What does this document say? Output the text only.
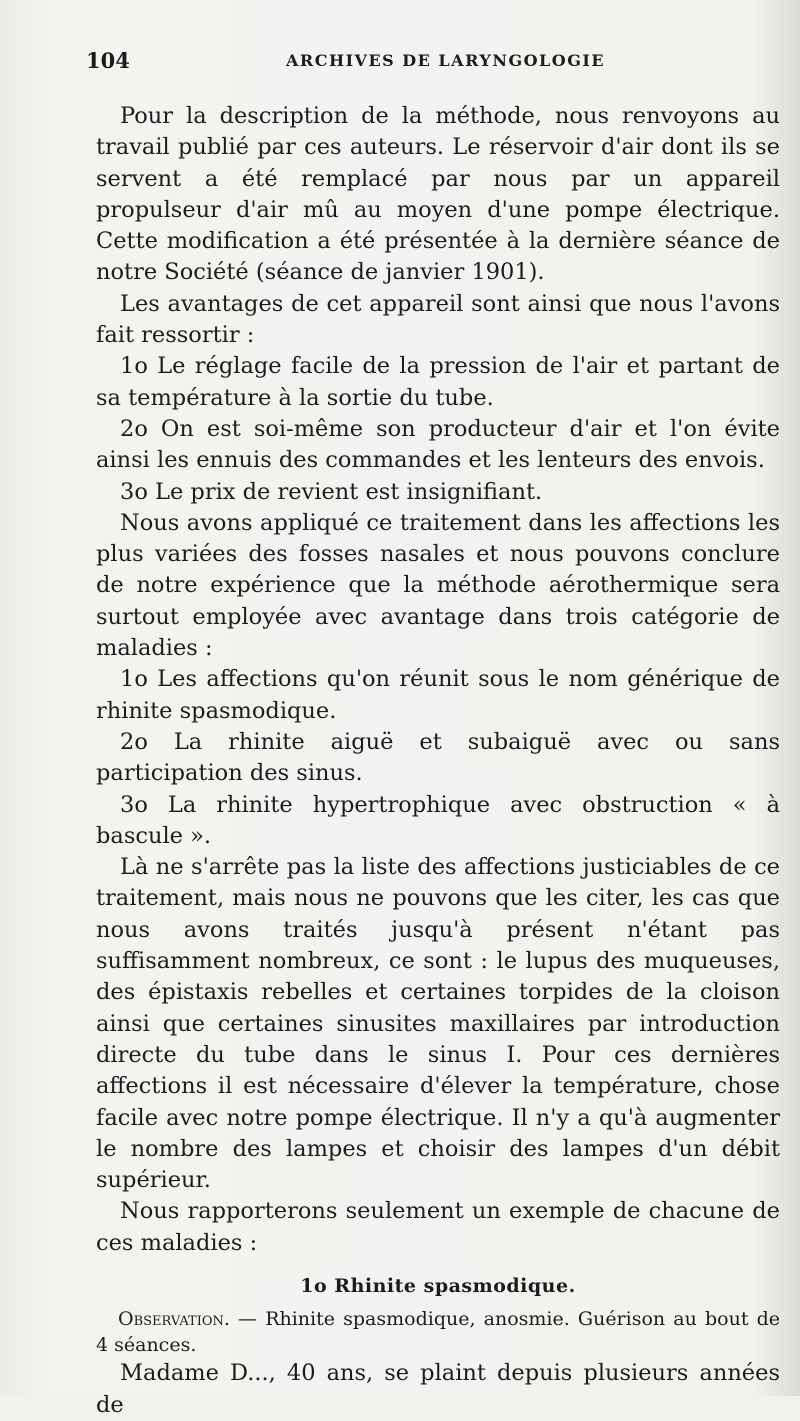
104	ARCHIVES DE LARYNGOLOGIE

Pour la description de la méthode, nous renvoyons au travail publié par ces auteurs. Le réservoir d'air dont ils se servent a été remplacé par nous par un appareil propulseur d'air mû au moyen d'une pompe électrique. Cette modification a été présentée à la dernière séance de notre Société (séance de janvier 1901).

Les avantages de cet appareil sont ainsi que nous l'avons fait ressortir :

1o Le réglage facile de la pression de l'air et partant de sa température à la sortie du tube.

2o On est soi-même son producteur d'air et l'on évite ainsi les ennuis des commandes et les lenteurs des envois.

3o Le prix de revient est insignifiant.

Nous avons appliqué ce traitement dans les affections les plus variées des fosses nasales et nous pouvons conclure de notre expérience que la méthode aérothermique sera surtout employée avec avantage dans trois catégorie de maladies :

1o Les affections qu'on réunit sous le nom générique de rhinite spasmodique.

2o La rhinite aiguë et subaiguë avec ou sans participation des sinus.

3o La rhinite hypertrophique avec obstruction « à bascule ».

Là ne s'arrête pas la liste des affections justiciables de ce traitement, mais nous ne pouvons que les citer, les cas que nous avons traités jusqu'à présent n'étant pas suffisamment nombreux, ce sont : le lupus des muqueuses, des épistaxis rebelles et certaines torpides de la cloison ainsi que certaines sinusites maxillaires par introduction directe du tube dans le sinus I. Pour ces dernières affections il est nécessaire d'élever la température, chose facile avec notre pompe électrique. Il n'y a qu'à augmenter le nombre des lampes et choisir des lampes d'un débit supérieur.

Nous rapporterons seulement un exemple de chacune de ces maladies :

1o Rhinite spasmodique.

Observation. — Rhinite spasmodique, anosmie. Guérison au bout de 4 séances.

Madame D..., 40 ans, se plaint depuis plusieurs années de
